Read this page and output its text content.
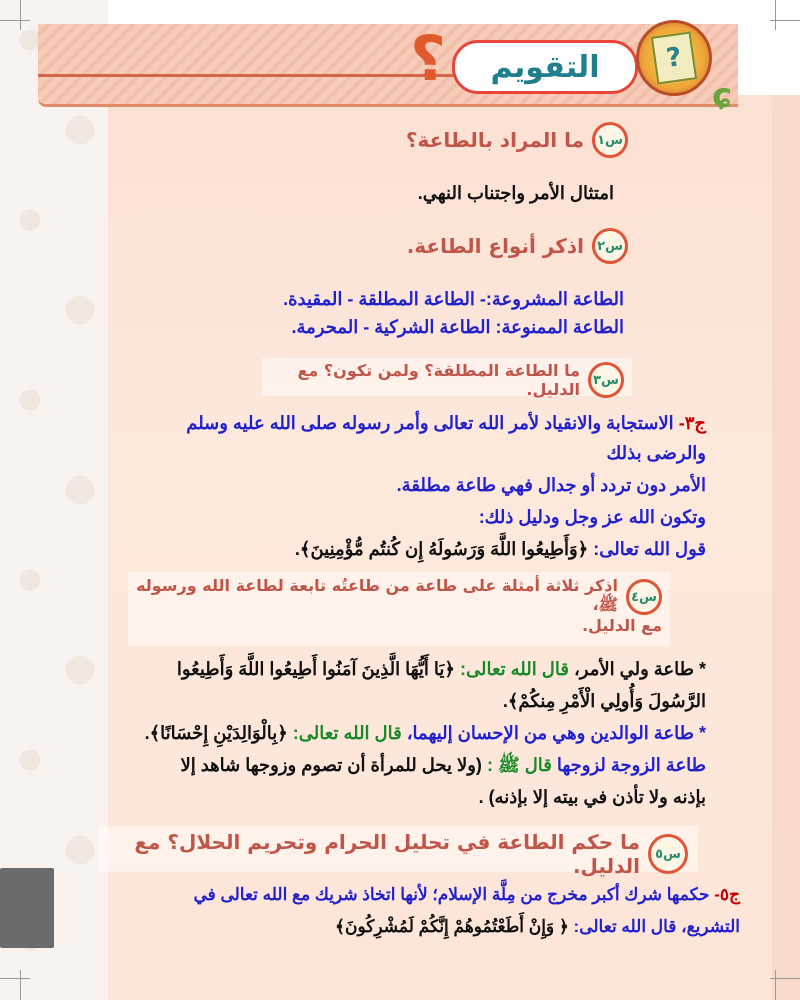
؟ التقويم	?
ɕ
س١
ما المراد بالطاعة؟

امتثال الأمر واجتناب النهي.

س٢
اذكر أنواع الطاعة.

الطاعة المشروعة:- الطاعة المطلقة - المقيدة.

الطاعة الممنوعة: الطاعة الشركية - المحرمة.

س٣
ما الطاعة المطلقة؟ ولمن تكون؟ مع الدليل.

ج٣- الاستجابة والانقياد لأمر الله تعالى وأمر رسوله صلى الله عليه وسلم

والرضى بذلك

الأمر دون تردد أو جدال فهي طاعة مطلقة.

وتكون الله عز وجل ودليل ذلك:

قول الله تعالى: ﴿وَأَطِيعُوا اللَّهَ وَرَسُولَهُ إِن كُنتُم مُّؤْمِنِينَ﴾.

س٤
اذكر ثلاثة أمثلة على طاعة من طاعتُه تابعة لطاعة الله ورسوله ﷺ،
مع الدليل.

* طاعة ولي الأمر، قال الله تعالى: ﴿يَا أَيُّهَا الَّذِينَ آمَنُوا أَطِيعُوا اللَّهَ وَأَطِيعُوا

الرَّسُولَ وَأُولِي الْأَمْرِ مِنكُمْ﴾.

* طاعة الوالدين وهي من الإحسان إليهما، قال الله تعالى: ﴿بِالْوَالِدَيْنِ إِحْسَانًا﴾.

طاعة الزوجة لزوجها قال ﷺ : (ولا يحل للمرأة أن تصوم وزوجها شاهد إلا

بإذنه ولا تأذن في بيته إلا بإذنه) .

س٥
ما حكم الطاعة في تحليل الحرام وتحريم الحلال؟ مع الدليل.

ج٥- حكمها شرك أكبر مخرج من مِلَّة الإسلام؛ لأنها اتخاذ شريك مع الله تعالى في

التشريع، قال الله تعالى: ﴿ وَإِنْ أَطَعْتُمُوهُمْ إِنَّكُمْ لَمُشْرِكُونَ﴾
